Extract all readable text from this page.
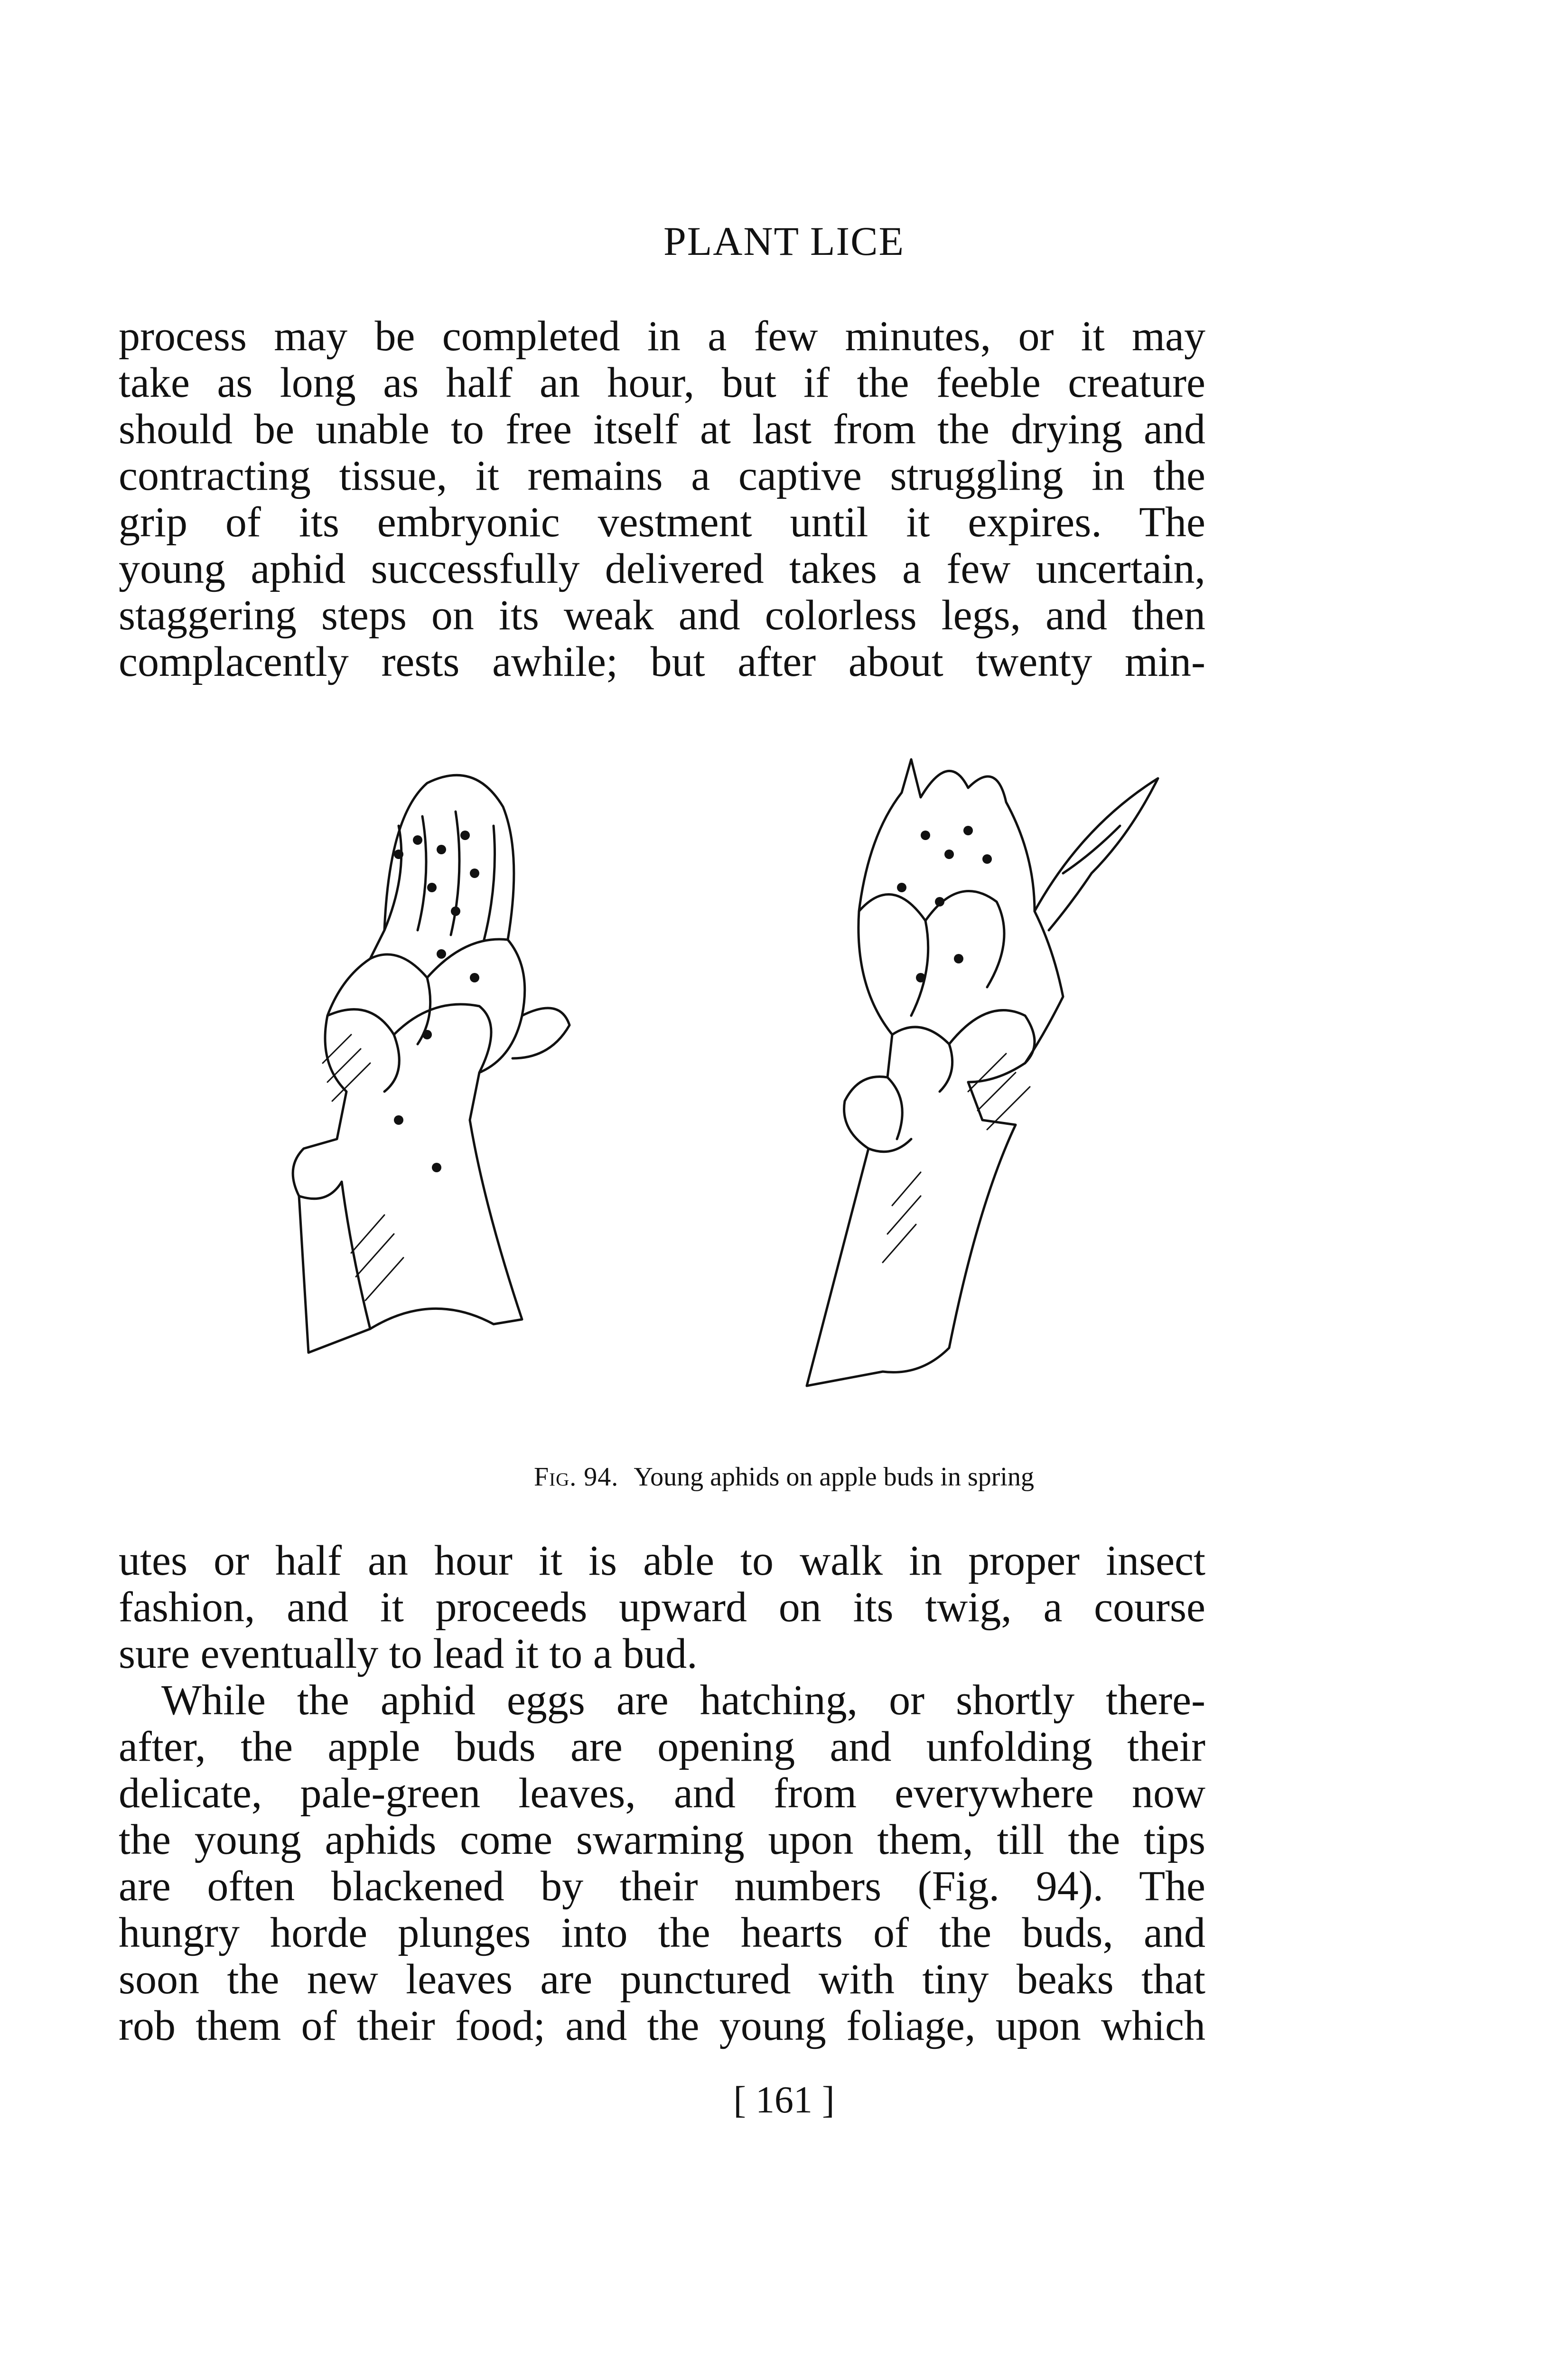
PLANT LICE
process may be completed in a few minutes, or it may
take as long as half an hour, but if the feeble creature
should be unable to free itself at last from the drying and
contracting tissue, it remains a captive struggling in the
grip of its embryonic vestment until it expires. The
young aphid successfully delivered takes a few uncertain,
staggering steps on its weak and colorless legs, and then
complacently rests awhile; but after about twenty min-
Fig. 94. Young aphids on apple buds in spring
utes or half an hour it is able to walk in proper insect
fashion, and it proceeds upward on its twig, a course
sure eventually to lead it to a bud.
While the aphid eggs are hatching, or shortly there-
after, the apple buds are opening and unfolding their
delicate, pale-green leaves, and from everywhere now
the young aphids come swarming upon them, till the tips
are often blackened by their numbers (Fig. 94). The
hungry horde plunges into the hearts of the buds, and
soon the new leaves are punctured with tiny beaks that
rob them of their food; and the young foliage, upon which
[ 161 ]
